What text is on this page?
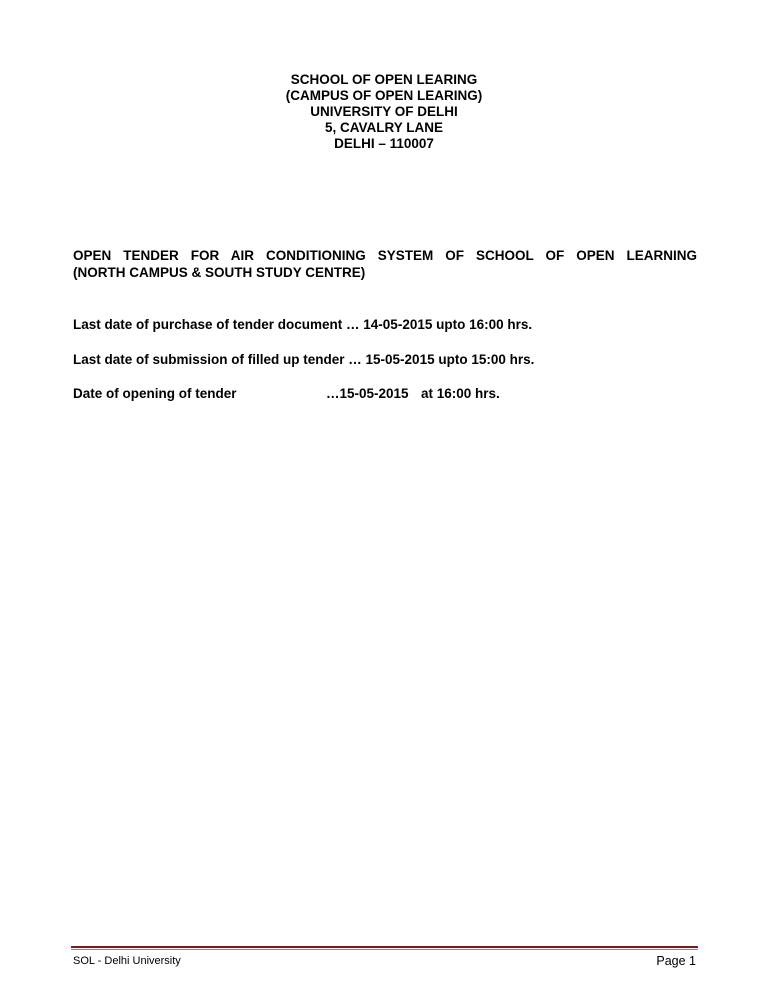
SCHOOL OF OPEN LEARING
(CAMPUS OF OPEN LEARING)
UNIVERSITY OF DELHI
5, CAVALRY LANE
DELHI – 110007
OPEN TENDER FOR AIR CONDITIONING SYSTEM OF SCHOOL OF OPEN LEARNING
(NORTH CAMPUS & SOUTH STUDY CENTRE)
Last date of purchase of tender document … 14-05-2015 upto 16:00 hrs.
Last date of submission of filled up tender … 15-05-2015 upto 15:00 hrs.
Date of opening of tender	…15-05-2015 at 16:00 hrs.
SOL - Delhi University	Page 1
